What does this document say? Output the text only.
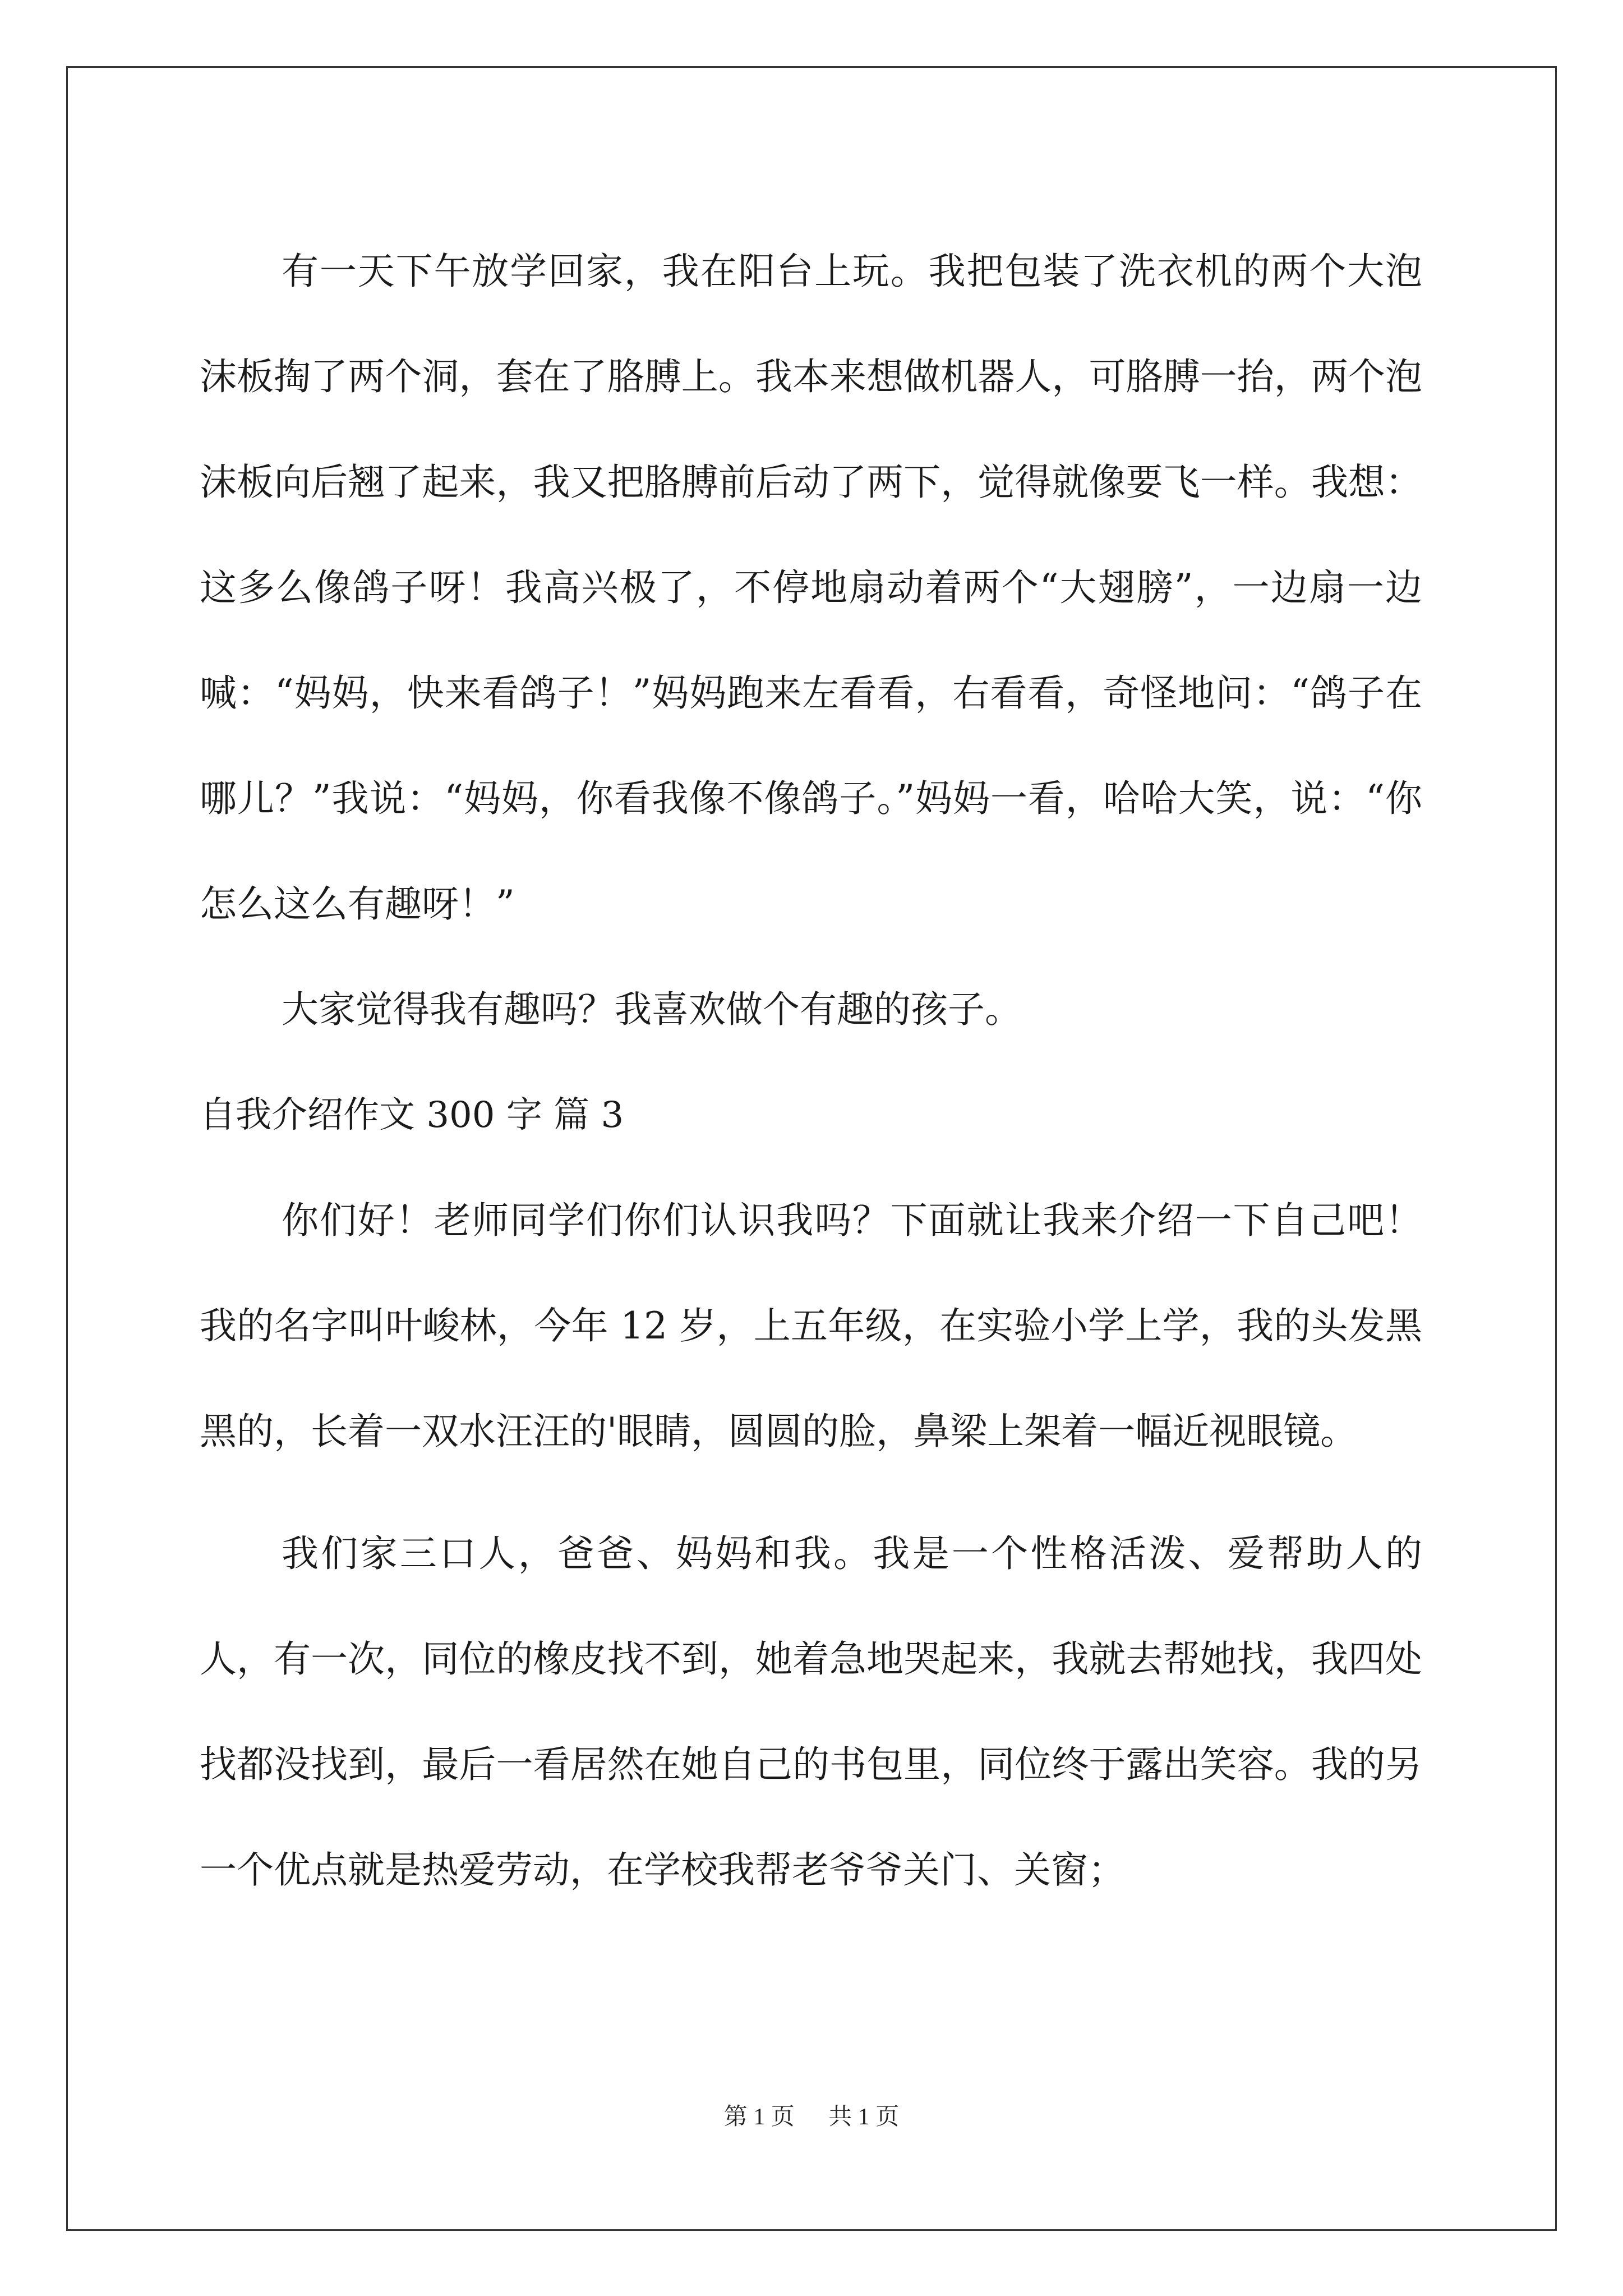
有一天下午放学回家，我在阳台上玩。我把包装了洗衣机的两个大泡沫板掏了两个洞，套在了胳膊上。我本来想做机器人，可胳膊一抬，两个泡沫板向后翘了起来，我又把胳膊前后动了两下，觉得就像要飞一样。我想：这多么像鸽子呀！我高兴极了，不停地扇动着两个“大翅膀”，一边扇一边喊：“妈妈，快来看鸽子！”妈妈跑来左看看，右看看，奇怪地问：“鸽子在哪儿？”我说：“妈妈，你看我像不像鸽子。”妈妈一看，哈哈大笑，说：“你怎么这么有趣呀！”

大家觉得我有趣吗？我喜欢做个有趣的孩子。

自我介绍作文 300 字 篇 3

你们好！老师同学们你们认识我吗？下面就让我来介绍一下自己吧！我的名字叫叶峻林，今年 12 岁，上五年级，在实验小学上学，我的头发黑黑的，长着一双水汪汪的'眼睛，圆圆的脸，鼻梁上架着一幅近视眼镜。

我们家三口人，爸爸、妈妈和我。我是一个性格活泼、爱帮助人的人，有一次，同位的橡皮找不到，她着急地哭起来，我就去帮她找，我四处找都没找到，最后一看居然在她自己的书包里，同位终于露出笑容。我的另一个优点就是热爱劳动，在学校我帮老爷爷关门、关窗；

第 1 页 共 1 页
